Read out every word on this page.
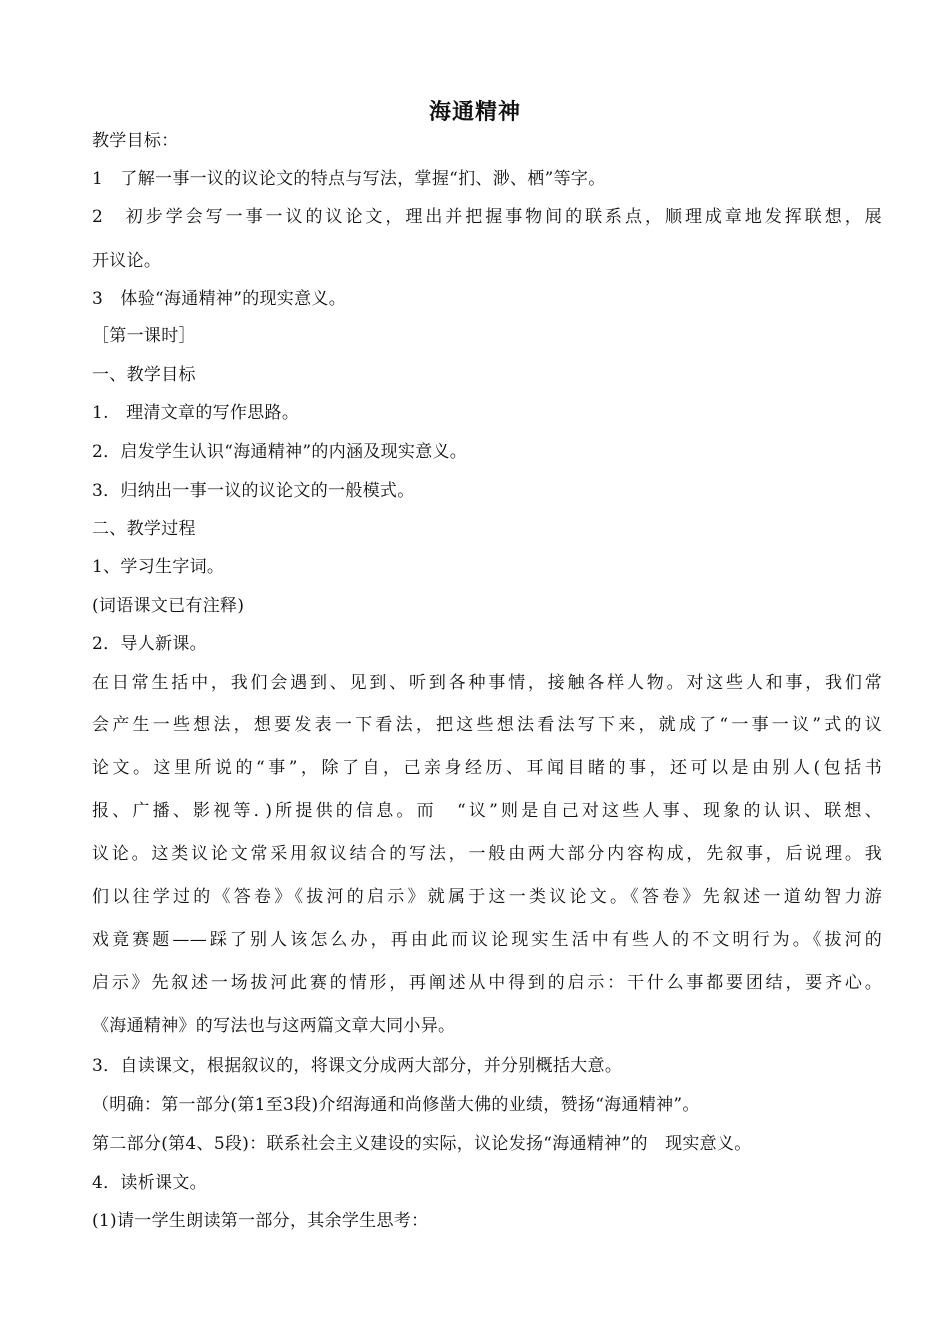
海通精神
教学目标：
1　了解一事一议的议论文的特点与写法，掌握“扪、渺、栖”等字。
2　初步学会写一事一议的议论文，理出并把握事物间的联系点，顺理成章地发挥联想，展
开议论。
3　体验“海通精神”的现实意义。
［第一课时］
一、教学目标
1.　理清文章的写作思路。
2．启发学生认识“海通精神”的内涵及现实意义。
3．归纳出一事一议的议论文的一般模式。
二、教学过程
1、学习生字词。
(词语课文已有注释)
2．导人新课。
在日常生括中，我们会遇到、见到、听到各种事情，接触各样人物。对这些人和事，我们常
会产生一些想法，想要发表一下看法，把这些想法看法写下来，就成了“一事一议”式的议
论文。这里所说的“事”，除了自，己亲身经历、耳闻目睹的事，还可以是由别人(包括书
报、广播、影视等．)所提供的信息。而　“议”则是自己对这些人事、现象的认识、联想、
议论。这类议论文常采用叙议结合的写法，一般由两大部分内容构成，先叙事，后说理。我
们以往学过的《答卷》《拔河的启示》就属于这一类议论文。《答卷》先叙述一道幼智力游
戏竟赛题——踩了别人该怎么办，再由此而议论现实生活中有些人的不文明行为。《拔河的
启示》先叙述一场拔河此赛的情形，再阐述从中得到的启示：干什么事都要团结，要齐心。
《海通精神》的写法也与这两篇文章大同小异。
3．自读课文，根据叙议的，将课文分成两大部分，并分别概括大意。
（明确：第一部分(第1至3段)介绍海通和尚修凿大佛的业绩，赞扬“海通精神”。
第二部分(第4、5段)：联系社会主义建设的实际，议论发扬“海通精神”的　现实意义。
4．读析课文。
(1)请一学生朗读第一部分，其余学生思考：
